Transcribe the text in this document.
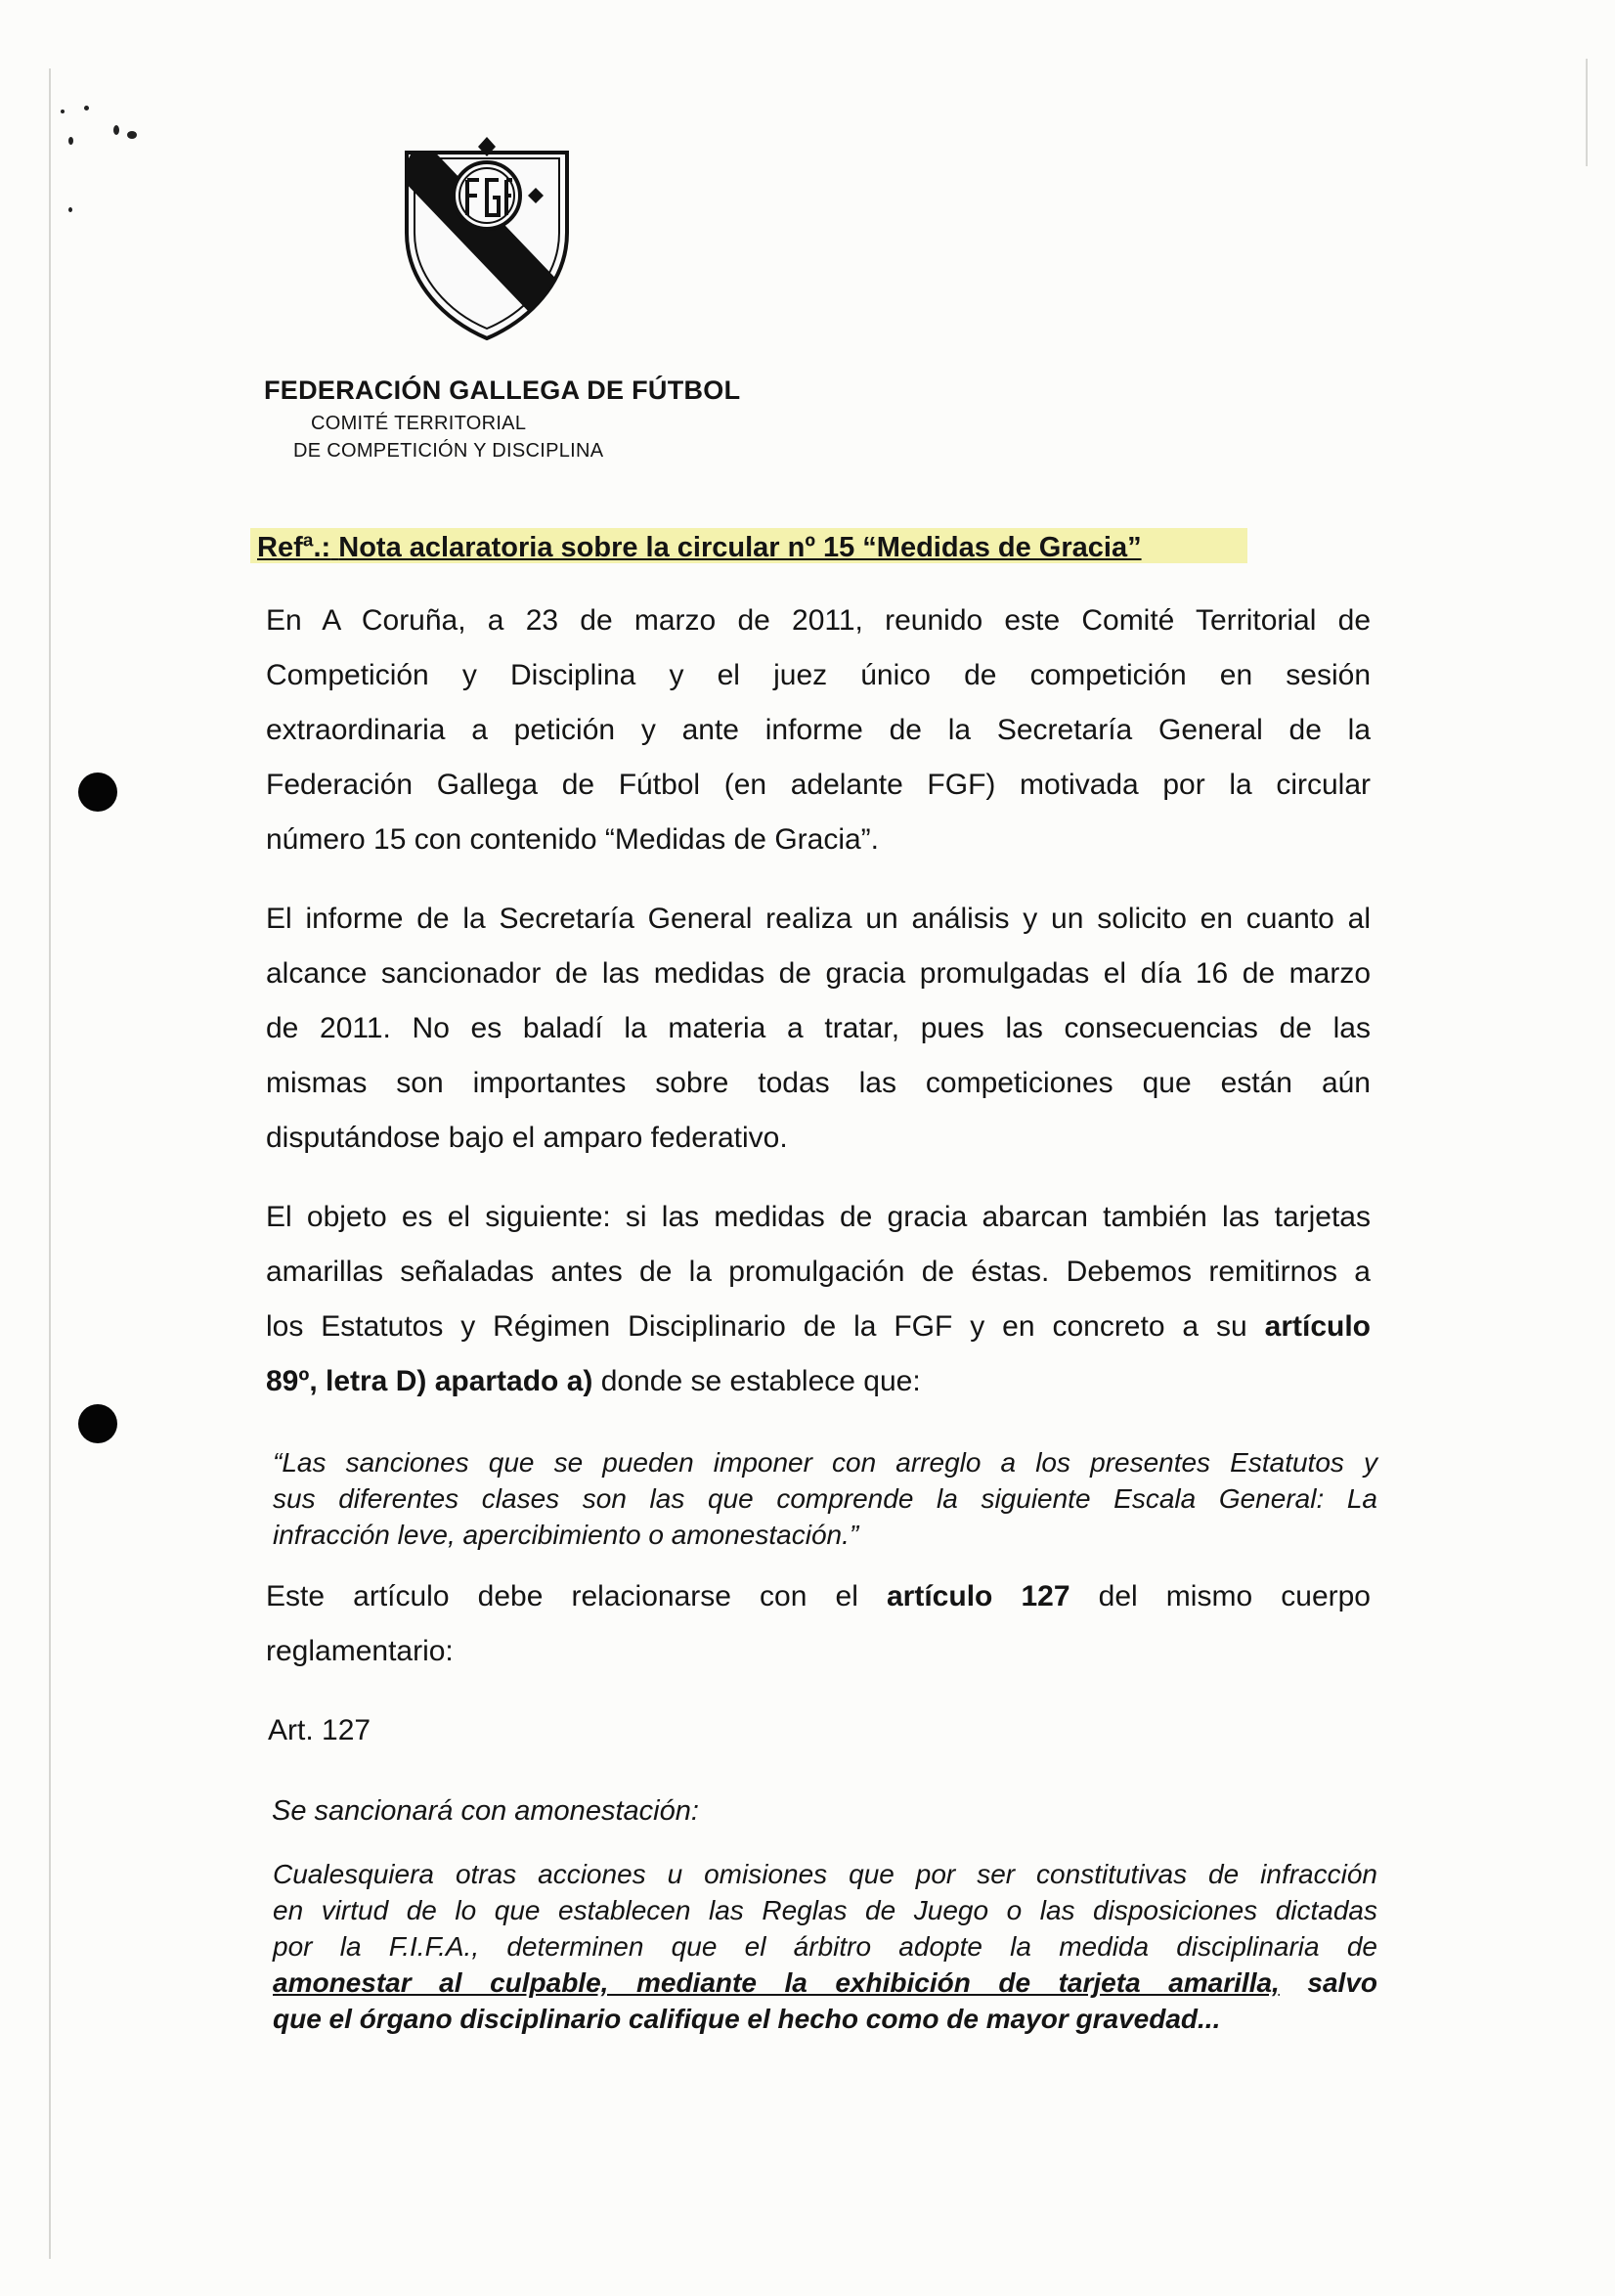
FEDERACIÓN GALLEGA DE FÚTBOL
COMITÉ TERRITORIAL
DE COMPETICIÓN Y DISCIPLINA
Refª.: Nota aclaratoria sobre la circular nº 15 “Medidas de Gracia”
En A Coruña, a 23 de marzo de 2011, reunido este Comité Territorial de
Competición y Disciplina y el juez único de competición en sesión
extraordinaria a petición y ante informe de la Secretaría General de la
Federación Gallega de Fútbol (en adelante FGF) motivada por la circular
número 15 con contenido “Medidas de Gracia”.
El informe de la Secretaría General realiza un análisis y un solicito en cuanto al
alcance sancionador de las medidas de gracia promulgadas el día 16 de marzo
de 2011. No es baladí la materia a tratar, pues las consecuencias de las
mismas son importantes sobre todas las competiciones que están aún
disputándose bajo el amparo federativo.
El objeto es el siguiente: si las medidas de gracia abarcan también las tarjetas
amarillas señaladas antes de la promulgación de éstas. Debemos remitirnos a
los Estatutos y Régimen Disciplinario de la FGF y en concreto a su artículo
89º, letra D) apartado a) donde se establece que:
“Las sanciones que se pueden imponer con arreglo a los presentes Estatutos y
sus diferentes clases son las que comprende la siguiente Escala General: La
infracción leve, apercibimiento o amonestación.”
Este artículo debe relacionarse con el artículo 127 del mismo cuerpo
reglamentario:
Art. 127
Se sancionará con amonestación:
Cualesquiera otras acciones u omisiones que por ser constitutivas de infracción
en virtud de lo que establecen las Reglas de Juego o las disposiciones dictadas
por la F.I.F.A., determinen que el árbitro adopte la medida disciplinaria de
amonestar al culpable, mediante la exhibición de tarjeta amarilla, salvo
que el órgano disciplinario califique el hecho como de mayor gravedad...
